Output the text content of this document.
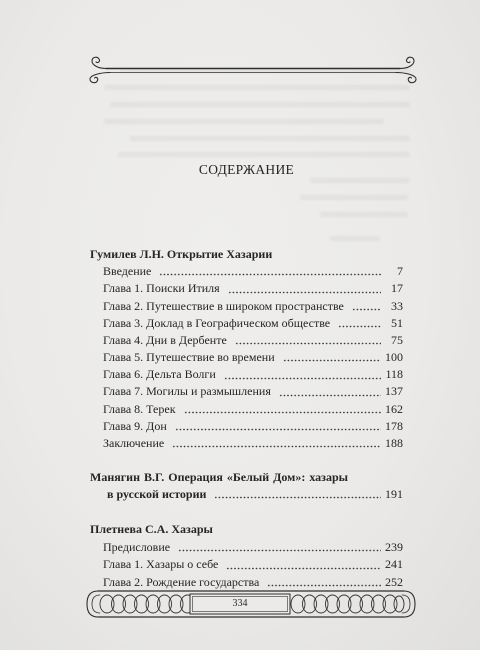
СОДЕРЖАНИЕ
Гумилев Л.Н. Открытие Хазарии
Введение	7
Глава 1. Поиски Итиля	17
Глава 2. Путешествие в широком пространстве	33
Глава 3. Доклад в Географическом обществе	51
Глава 4. Дни в Дербенте	75
Глава 5. Путешествие во времени	100
Глава 6. Дельта Волги	118
Глава 7. Могилы и размышления	137
Глава 8. Терек	162
Глава 9. Дон	178
Заключение	188
Манягин В.Г. Операция «Белый Дом»: хазары
в русской истории	191
Плетнева С.А. Хазары
Предисловие	239
Глава 1. Хазары о себе	241
Глава 2. Рождение государства	252
334
